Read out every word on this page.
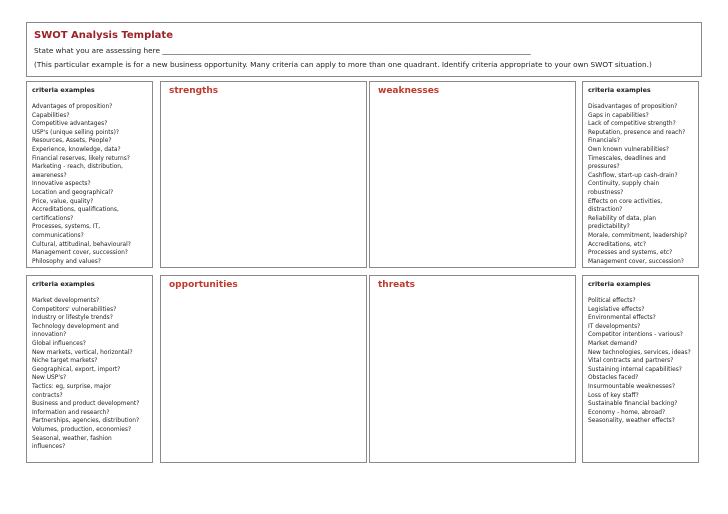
SWOT Analysis Template
State what you are assessing here _____________________________________________________________________________________________________
(This particular example is for a new business opportunity. Many criteria can apply to more than one quadrant. Identify criteria appropriate to your own SWOT situation.)
criteria examples
Advantages of proposition?
Capabilities?
Competitive advantages?
USP's (unique selling points)?
Resources, Assets, People?
Experience, knowledge, data?
Financial reserves, likely returns?
Marketing - reach, distribution,
awareness?
Innovative aspects?
Location and geographical?
Price, value, quality?
Accreditations, qualifications,
certifications?
Processes, systems, IT,
communications?
Cultural, attitudinal, behavioural?
Management cover, succession?
Philosophy and values?
strengths	weaknesses	criteria examples
Disadvantages of proposition?
Gaps in capabilities?
Lack of competitive strength?
Reputation, presence and reach?
Financials?
Own known vulnerabilities?
Timescales, deadlines and
pressures?
Cashflow, start-up cash-drain?
Continuity, supply chain
robustness?
Effects on core activities,
distraction?
Reliability of data, plan
predictability?
Morale, commitment, leadership?
Accreditations, etc?
Processes and systems, etc?
Management cover, succession?
criteria examples
Market developments?
Competitors' vulnerabilities?
Industry or lifestyle trends?
Technology development and
innovation?
Global influences?
New markets, vertical, horizontal?
Niche target markets?
Geographical, export, import?
New USP's?
Tactics: eg, surprise, major
contracts?
Business and product development?
Information and research?
Partnerships, agencies, distribution?
Volumes, production, economies?
Seasonal, weather, fashion
influences?
opportunities	threats	criteria examples
Political effects?
Legislative effects?
Environmental effects?
IT developments?
Competitor intentions - various?
Market demand?
New technologies, services, ideas?
Vital contracts and partners?
Sustaining internal capabilities?
Obstacles faced?
Insurmountable weaknesses?
Loss of key staff?
Sustainable financial backing?
Economy - home, abroad?
Seasonality, weather effects?
